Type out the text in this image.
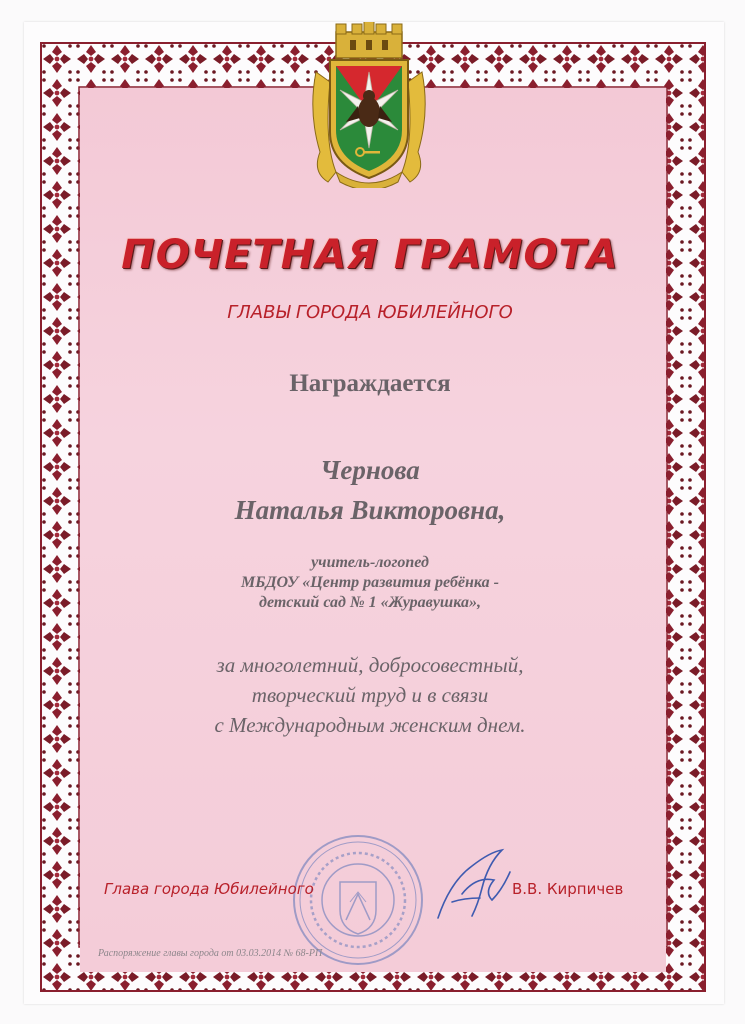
ПОЧЕТНАЯ ГРАМОТА
ГЛАВЫ ГОРОДА ЮБИЛЕЙНОГО
Награждается
Чернова
Наталья Викторовна,
учитель-логопед
МБДОУ «Центр развития ребёнка -
детский сад № 1 «Журавушка»,
за многолетний, добросовестный,
творческий труд и в связи
с Международным женским днем.
Глава города Юбилейного	В.В. Кирпичев
Распоряжение главы города от 03.03.2014 № 68-РП
